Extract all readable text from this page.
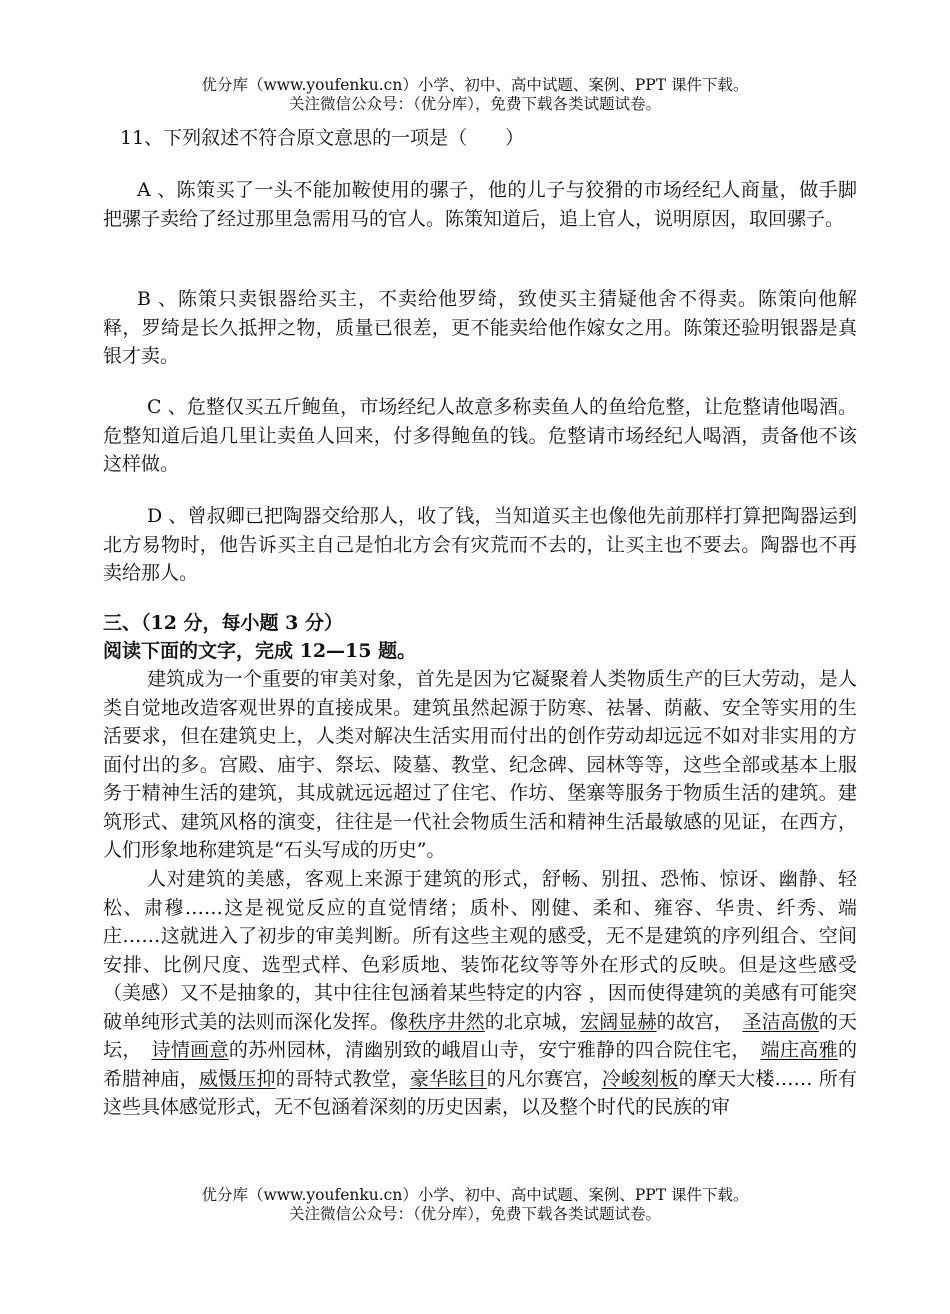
优分库（www.youfenku.cn）小学、初中、高中试题、案例、PPT 课件下载。
关注微信公众号：（优分库），免费下载各类试题试卷。

11、下列叙述不符合原文意思的一项是（　　）

A 、陈策买了一头不能加鞍使用的骡子，他的儿子与狡猾的市场经纪人商量，做手脚把骡子卖给了经过那里急需用马的官人。陈策知道后，追上官人，说明原因，取回骡子。

B 、陈策只卖银器给买主，不卖给他罗绮，致使买主猜疑他舍不得卖。陈策向他解释，罗绮是长久抵押之物，质量已很差，更不能卖给他作嫁女之用。陈策还验明银器是真银才卖。

C 、危整仅买五斤鲍鱼，市场经纪人故意多称卖鱼人的鱼给危整，让危整请他喝酒。危整知道后追几里让卖鱼人回来，付多得鲍鱼的钱。危整请市场经纪人喝酒，责备他不该这样做。

D 、曾叔卿已把陶器交给那人，收了钱，当知道买主也像他先前那样打算把陶器运到北方易物时，他告诉买主自己是怕北方会有灾荒而不去的，让买主也不要去。陶器也不再卖给那人。

三、（12 分，每小题 3 分）

阅读下面的文字，完成 12—15 题。

建筑成为一个重要的审美对象，首先是因为它凝聚着人类物质生产的巨大劳动，是人类自觉地改造客观世界的直接成果。建筑虽然起源于防寒、祛暑、荫蔽、安全等实用的生活要求，但在建筑史上，人类对解决生活实用而付出的创作劳动却远远不如对非实用的方面付出的多。宫殿、庙宇、祭坛、陵墓、教堂、纪念碑、园林等等，这些全部或基本上服务于精神生活的建筑，其成就远远超过了住宅、作坊、堡寨等服务于物质生活的建筑。建筑形式、建筑风格的演变，往往是一代社会物质生活和精神生活最敏感的见证，在西方，人们形象地称建筑是“石头写成的历史”。

人对建筑的美感，客观上来源于建筑的形式，舒畅、别扭、恐怖、惊讶、幽静、轻松、肃穆……这是视觉反应的直觉情绪；质朴、刚健、柔和、雍容、华贵、纤秀、端庄……这就进入了初步的审美判断。所有这些主观的感受，无不是建筑的序列组合、空间安排、比例尺度、选型式样、色彩质地、装饰花纹等等外在形式的反映。但是这些感受（美感）又不是抽象的，其中往往包涵着某些特定的内容 ，因而使得建筑的美感有可能突破单纯形式美的法则而深化发挥。像秩序井然的北京城，宏阔显赫的故宫，　圣洁高傲的天坛，　诗情画意的苏州园林，清幽别致的峨眉山寺，安宁雅静的四合院住宅，　端庄高雅的希腊神庙，威慑压抑的哥特式教堂，豪华眩目的凡尔赛宫，冷峻刻板的摩天大楼…… 所有这些具体感觉形式，无不包涵着深刻的历史因素，以及整个时代的民族的审

优分库（www.youfenku.cn）小学、初中、高中试题、案例、PPT 课件下载。
关注微信公众号：（优分库），免费下载各类试题试卷。
